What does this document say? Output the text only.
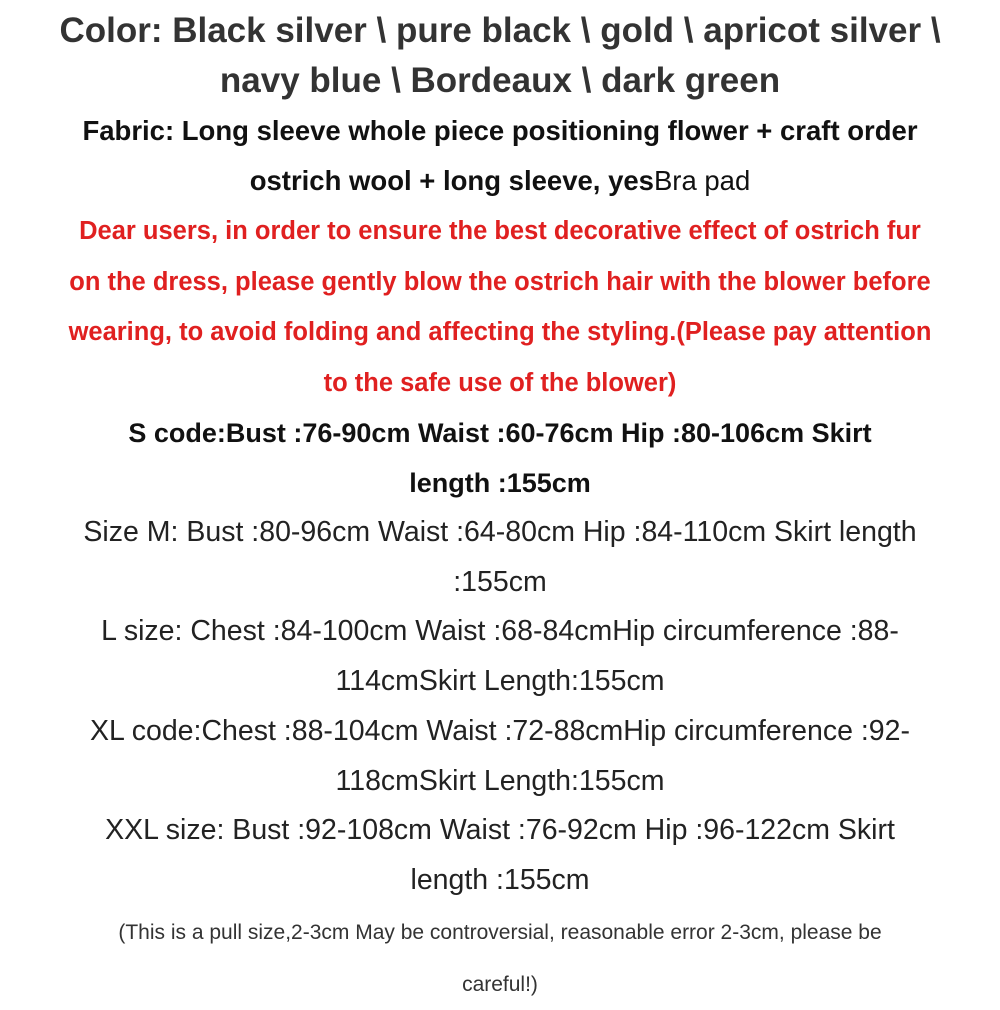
Color: Black silver \ pure black \ gold \ apricot silver \

navy blue \ Bordeaux \ dark green

Fabric: Long sleeve whole piece positioning flower + craft order

ostrich wool + long sleeve, yesBra pad

Dear users, in order to ensure the best decorative effect of ostrich fur

on the dress, please gently blow the ostrich hair with the blower before

wearing, to avoid folding and affecting the styling.(Please pay attention

to the safe use of the blower)

S code:Bust :76-90cm Waist :60-76cm Hip :80-106cm Skirt

length :155cm

Size M: Bust :80-96cm Waist :64-80cm Hip :84-110cm Skirt length

:155cm

L size: Chest :84-100cm Waist :68-84cmHip circumference :88-

114cmSkirt Length:155cm

XL code:Chest :88-104cm Waist :72-88cmHip circumference :92-

118cmSkirt Length:155cm

XXL size: Bust :92-108cm Waist :76-92cm Hip :96-122cm Skirt

length :155cm

(This is a pull size,2-3cm May be controversial, reasonable error 2-3cm, please be

careful!)
